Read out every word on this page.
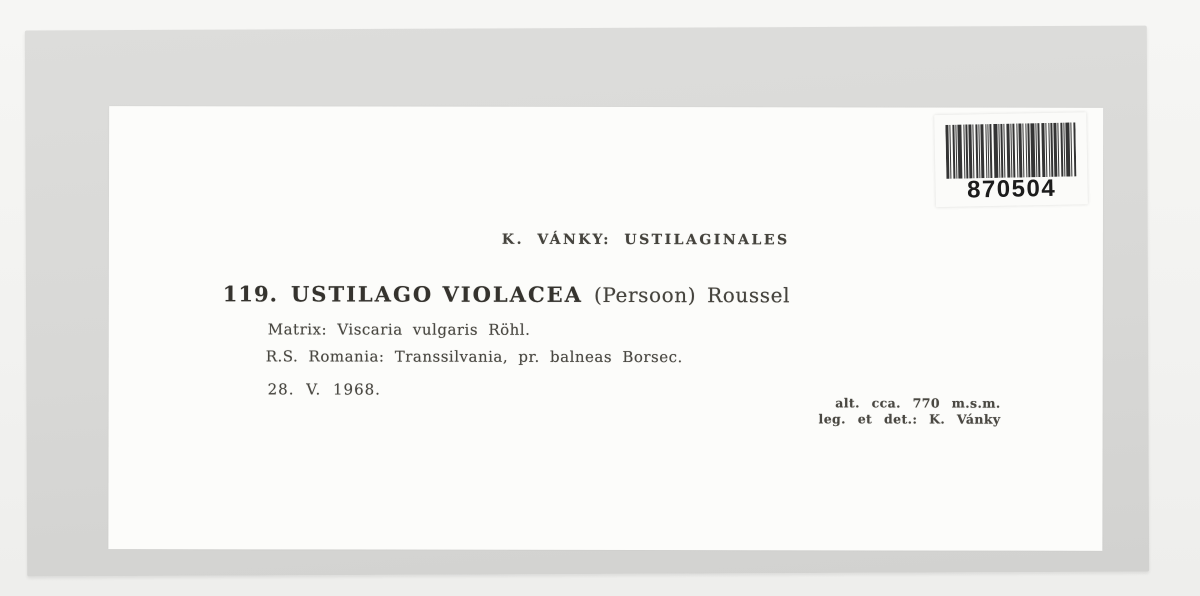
K. VÁNKY: USTILAGINALES
119. USTILAGO VIOLACEA (Persoon) Roussel
Matrix: Viscaria vulgaris Röhl.
R.S. Romania: Transsilvania, pr. balneas Borsec.
28. V. 1968.
alt. cca. 770 m.s.m.
leg. et det.: K. Vánky
870504
